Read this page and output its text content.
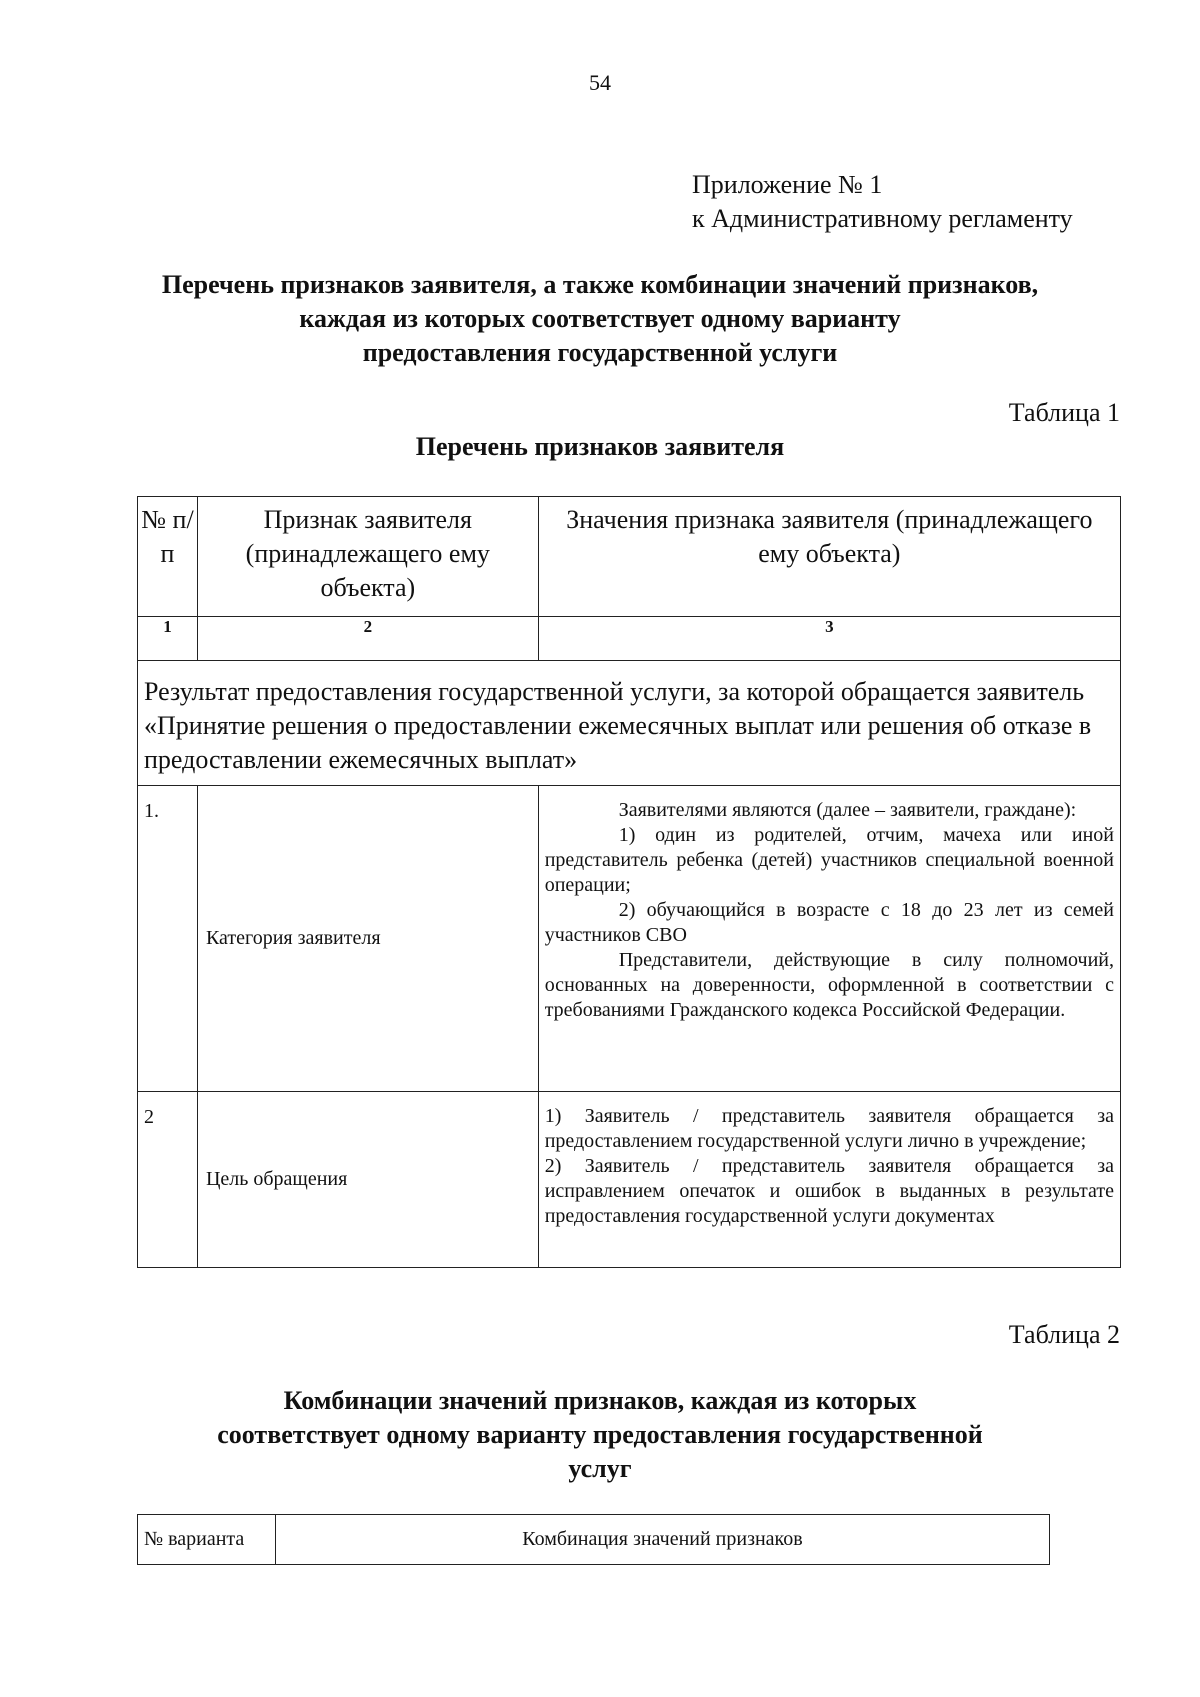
54
Приложение № 1
к Административному регламенту
Перечень признаков заявителя, а также комбинации значений признаков,
каждая из которых соответствует одному варианту
предоставления государственной услуги
Таблица 1
Перечень признаков заявителя
№ п/п	Признак заявителя (принадлежащего ему объекта)	Значения признака заявителя (принадлежащего ему объекта)
1	2	3
Результат предоставления государственной услуги, за которой обращается заявитель «Принятие решения о предоставлении ежемесячных выплат или решения об отказе в предоставлении ежемесячных выплат»		
1.	Категория заявителя	Заявителями являются (далее – заявители, граждане):

1) один из родителей, отчим, мачеха или иной представитель ребенка (детей) участников специальной военной операции;

2) обучающийся в возрасте с 18 до 23 лет из семей участников СВО

Представители, действующие в силу полномочий, основанных на доверенности, оформленной в соответствии с требованиями Гражданского кодекса Российской Федерации.

2	Цель обращения	1) Заявитель / представитель заявителя обращается за предоставлением государственной услуги лично в учреждение;

2) Заявитель / представитель заявителя обращается за исправлением опечаток и ошибок в выданных в результате предоставления государственной услуги документах

Таблица 2
Комбинации значений признаков, каждая из которых
соответствует одному варианту предоставления государственной
услуг
№ варианта	Комбинация значений признаков
